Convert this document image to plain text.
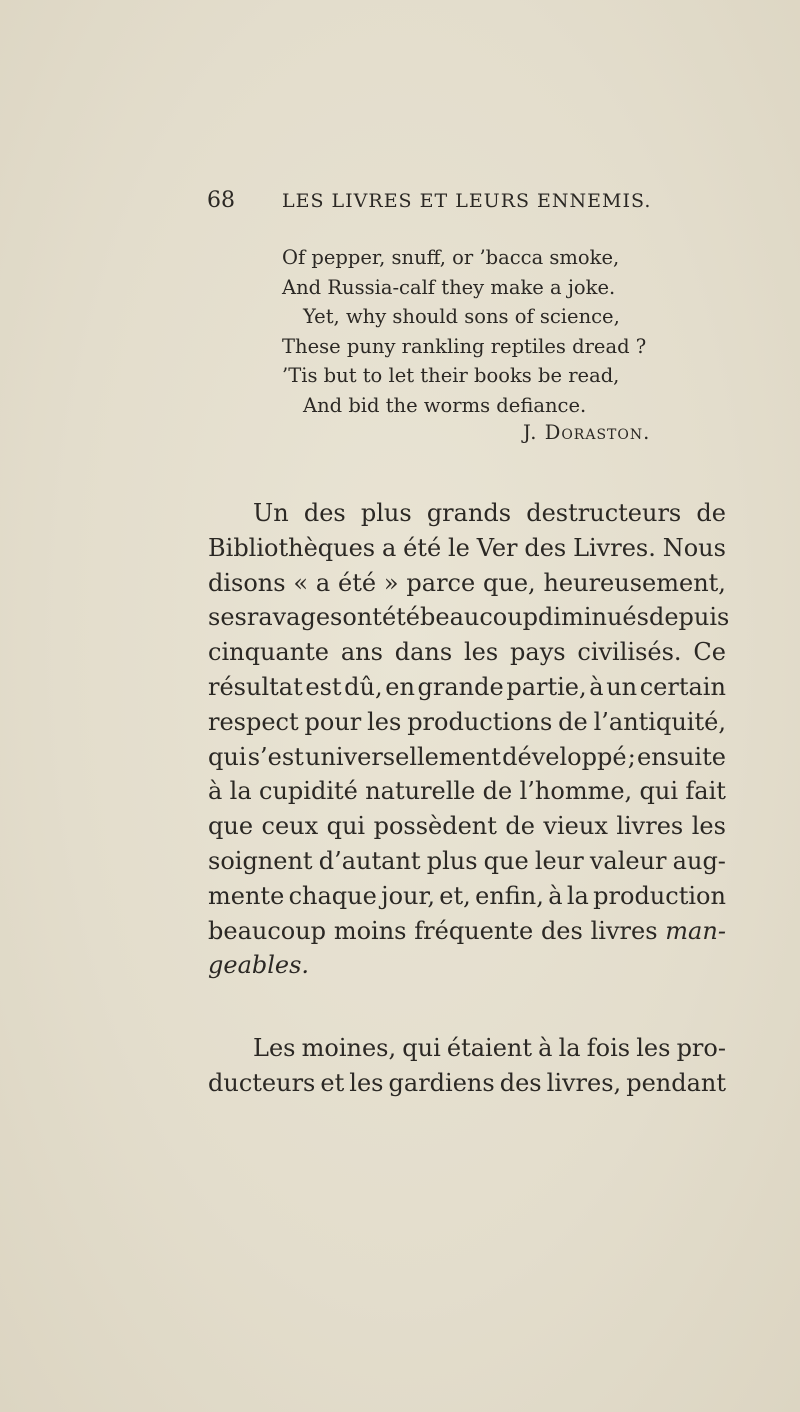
68 LES LIVRES ET LEURS ENNEMIS.
Of pepper, snuff, or ’bacca smoke,
And Russia-calf they make a joke.
Yet, why should sons of science,
These puny rankling reptiles dread ?
’Tis but to let their books be read,
And bid the worms defiance.
J. Doraston.
Un des plus grands destructeurs de
Bibliothèques a été le Ver des Livres. Nous
disons « a été » parce que, heureusement,
ses ravages ont été beaucoup diminués depuis
cinquante ans dans les pays civilisés. Ce
résultat est dû, en grande partie, à un certain
respect pour les productions de l’antiquité,
qui s’est universellement développé ; ensuite
à la cupidité naturelle de l’homme, qui fait
que ceux qui possèdent de vieux livres les
soignent d’autant plus que leur valeur aug-
mente chaque jour, et, enfin, à la production
beaucoup moins fréquente des livres man-
geables.
Les moines, qui étaient à la fois les pro-
ducteurs et les gardiens des livres, pendant
